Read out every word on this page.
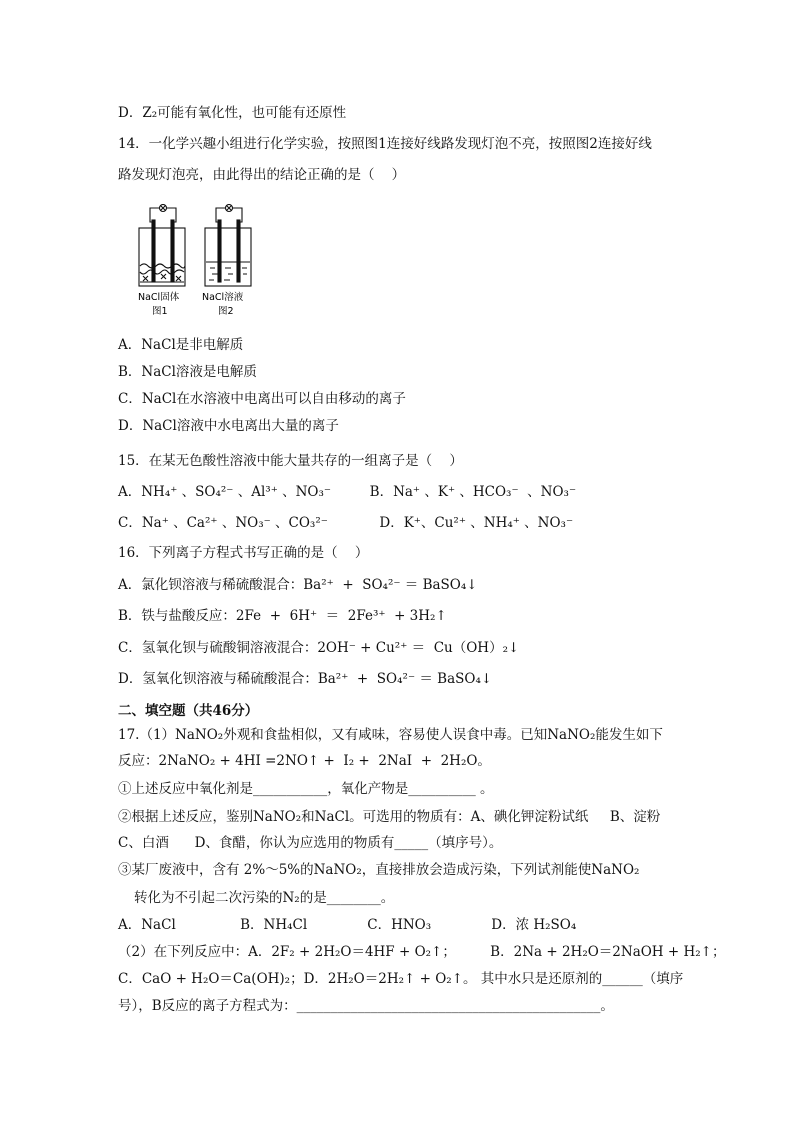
D．Z₂可能有氧化性，也可能有还原性
14．一化学兴趣小组进行化学实验，按照图1连接好线路发现灯泡不亮，按照图2连接好线
路发现灯泡亮，由此得出的结论正确的是（    ）
NaCl固体 NaCl溶液
图1	图2
A．NaCl是非电解质
B．NaCl溶液是电解质
C．NaCl在水溶液中电离出可以自由移动的离子
D．NaCl溶液中水电离出大量的离子
15．在某无色酸性溶液中能大量共存的一组离子是（    ）
A．NH₄⁺ 、SO₄²⁻ 、Al³⁺ 、NO₃⁻         B．Na⁺ 、K⁺ 、HCO₃⁻  、NO₃⁻
C．Na⁺ 、Ca²⁺ 、NO₃⁻ 、CO₃²⁻            D．K⁺、Cu²⁺ 、NH₄⁺ 、NO₃⁻
16．下列离子方程式书写正确的是（    ）
A．氯化钡溶液与稀硫酸混合：Ba²⁺  +  SO₄²⁻ ＝ BaSO₄↓
B．铁与盐酸反应：2Fe  +  6H⁺  ＝  2Fe³⁺  + 3H₂↑
C．氢氧化钡与硫酸铜溶液混合：2OH⁻ + Cu²⁺ ＝  Cu（OH）₂↓
D．氢氧化钡溶液与稀硫酸混合：Ba²⁺  +  SO₄²⁻ ＝ BaSO₄↓
二、填空题（共46分）
17.（1）NaNO₂外观和食盐相似，又有咸味，容易使人误食中毒。已知NaNO₂能发生如下
反应：2NaNO₂ + 4HI =2NO↑ +  I₂ +  2NaI  +  2H₂O。
①上述反应中氧化剂是___________，氧化产物是__________ 。
②根据上述反应，鉴别NaNO₂和NaCl。可选用的物质有：A、碘化钾淀粉试纸     B、淀粉
C、白酒      D、食醋，你认为应选用的物质有_____（填序号）。
③某厂废液中，含有 2%～5%的NaNO₂，直接排放会造成污染，下列试剂能使NaNO₂
转化为不引起二次污染的N₂的是________。
A．NaCl               B．NH₄Cl              C．HNO₃              D．浓 H₂SO₄
（2）在下列反应中：A．2F₂ + 2H₂O＝4HF + O₂↑；        B．2Na + 2H₂O＝2NaOH + H₂↑；
C．CaO + H₂O＝Ca(OH)₂；D．2H₂O＝2H₂↑ + O₂↑。 其中水只是还原剂的______（填序
号），B反应的离子方程式为：_____________________________________________。
